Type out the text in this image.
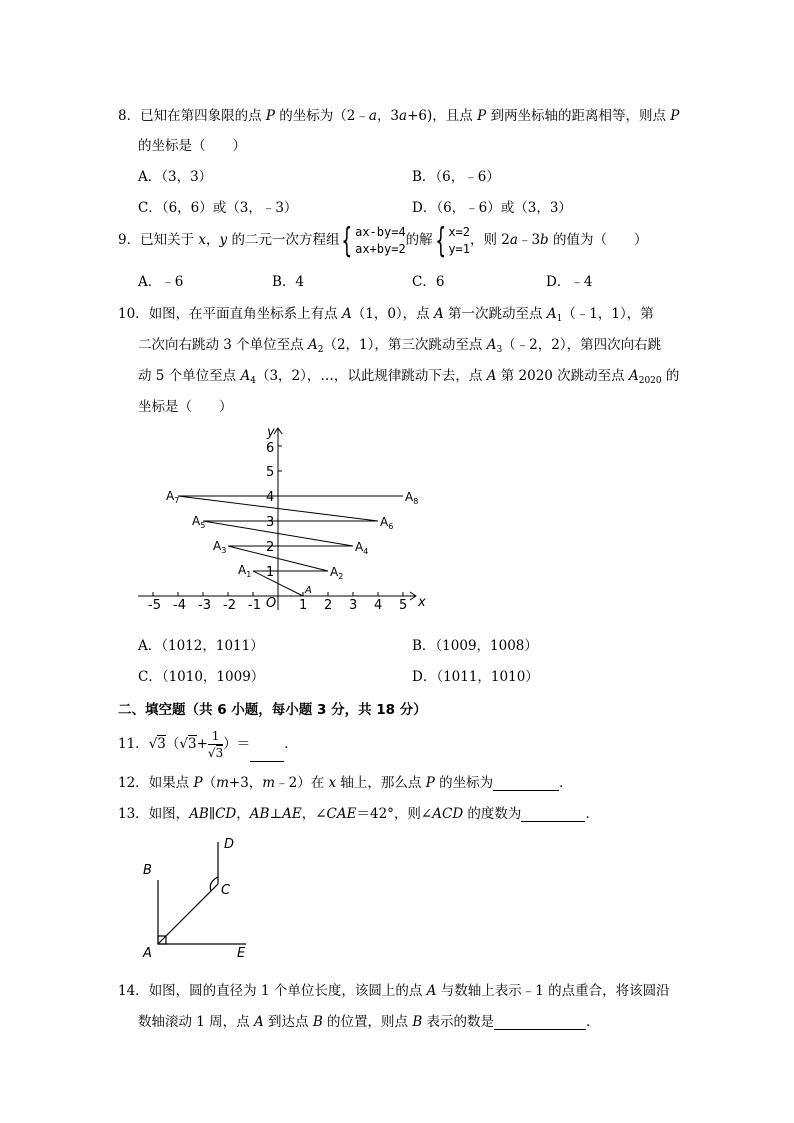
8．已知在第四象限的点 P 的坐标为（2﹣a，3a+6)，且点 P 到两坐标轴的距离相等，则点 P
的坐标是（　　）
A．（3，3）	B．（6，﹣6）
C．（6，6）或（3，﹣3）	D．（6，﹣6）或（3，3）
9．已知关于 x，y 的二元一次方程组{ ax-by=4
ax+by=2的解{ x=2
y=1，则 2a﹣3b 的值为（　　）
A．﹣6	B．4	C．6	D．﹣4
10．如图，在平面直角坐标系上有点 A（1，0），点 A 第一次跳动至点 $A_1(﹣1$，1），第
二次向右跳动 3 个单位至点 $A_2(2$，1），第三次跳动至点 $A_3(﹣2$，2），第四次向右跳
动 5 个单位至点 $A_4(3$，2），…，以此规律跳动下去，点 A 第 2020 次跳动至点 $A_{2020}$ 的
坐标是（　　）
-5 -4 -3 -2 -1	1 2 3 4 5
1
2
3
4
5
6
x
y
O
A
$A_1$	$A_2$
$A_3$	$A_4$
$A_5$	$A_6$
$A_7$	$A_8$
A．（1012，1011）	B．（1009，1008）
C．（1010，1009）	D．（1011，1010）
二、填空题（共 6 小题，每小题 3 分，共 18 分）
11．$√3(√3+ \frac{1}{√3}$ ）＝	．
12．如果点 P（m+3，m﹣2）在 x 轴上，那么点 P 的坐标为	．
13．如图，AB∥CD，AB⊥AE，∠CAE＝42°，则∠ACD 的度数为	．
B
D
C
A	E
14．如图，圆的直径为 1 个单位长度，该圆上的点 A 与数轴上表示﹣1 的点重合，将该圆沿
数轴滚动 1 周，点 A 到达点 B 的位置，则点 B 表示的数是	．
